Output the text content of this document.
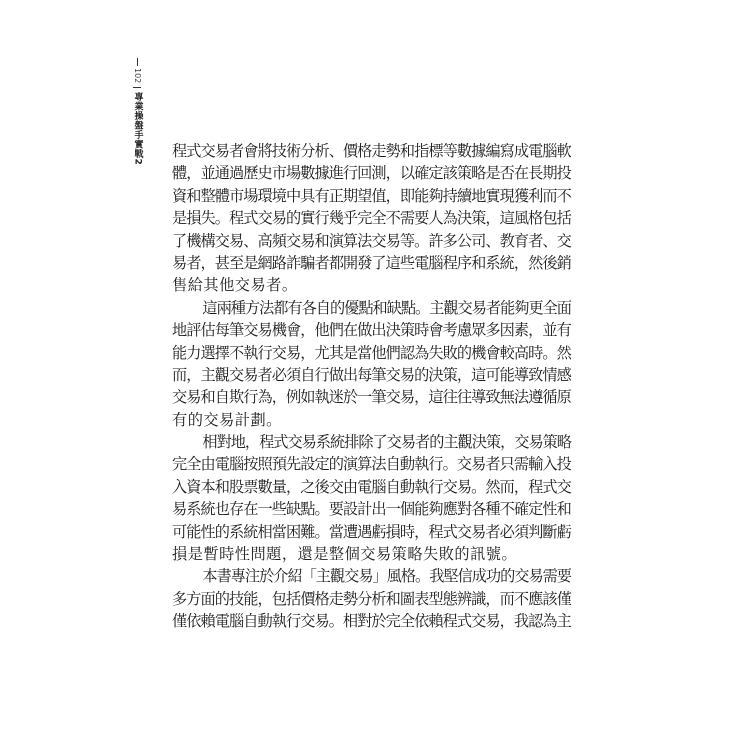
102
專業操盤手實戰2 程式交易者會將技術分析、價格走勢和指標等數據編寫成電腦軟
體，並通過歷史市場數據進行回測，以確定該策略是否在長期投
資和整體市場環境中具有正期望值，即能夠持續地實現獲利而不
是損失。程式交易的實行幾乎完全不需要人為決策，這風格包括
了機構交易、高頻交易和演算法交易等。許多公司、教育者、交
易者，甚至是網路詐騙者都開發了這些電腦程序和系統，然後銷
售給其他交易者。

這兩種方法都有各自的優點和缺點。主觀交易者能夠更全面
地評估每筆交易機會，他們在做出決策時會考慮眾多因素，並有
能力選擇不執行交易，尤其是當他們認為失敗的機會較高時。然
而，主觀交易者必須自行做出每筆交易的決策，這可能導致情感
交易和自欺行為，例如執迷於一筆交易，這往往導致無法遵循原
有的交易計劃。

相對地，程式交易系統排除了交易者的主觀決策，交易策略
完全由電腦按照預先設定的演算法自動執行。交易者只需輸入投
入資本和股票數量，之後交由電腦自動執行交易。然而，程式交
易系統也存在一些缺點。要設計出一個能夠應對各種不確定性和
可能性的系統相當困難。當遭遇虧損時，程式交易者必須判斷虧
損是暫時性問題，還是整個交易策略失敗的訊號。

本書專注於介紹「主觀交易」風格。我堅信成功的交易需要
多方面的技能，包括價格走勢分析和圖表型態辨識，而不應該僅
僅依賴電腦自動執行交易。相對於完全依賴程式交易，我認為主
